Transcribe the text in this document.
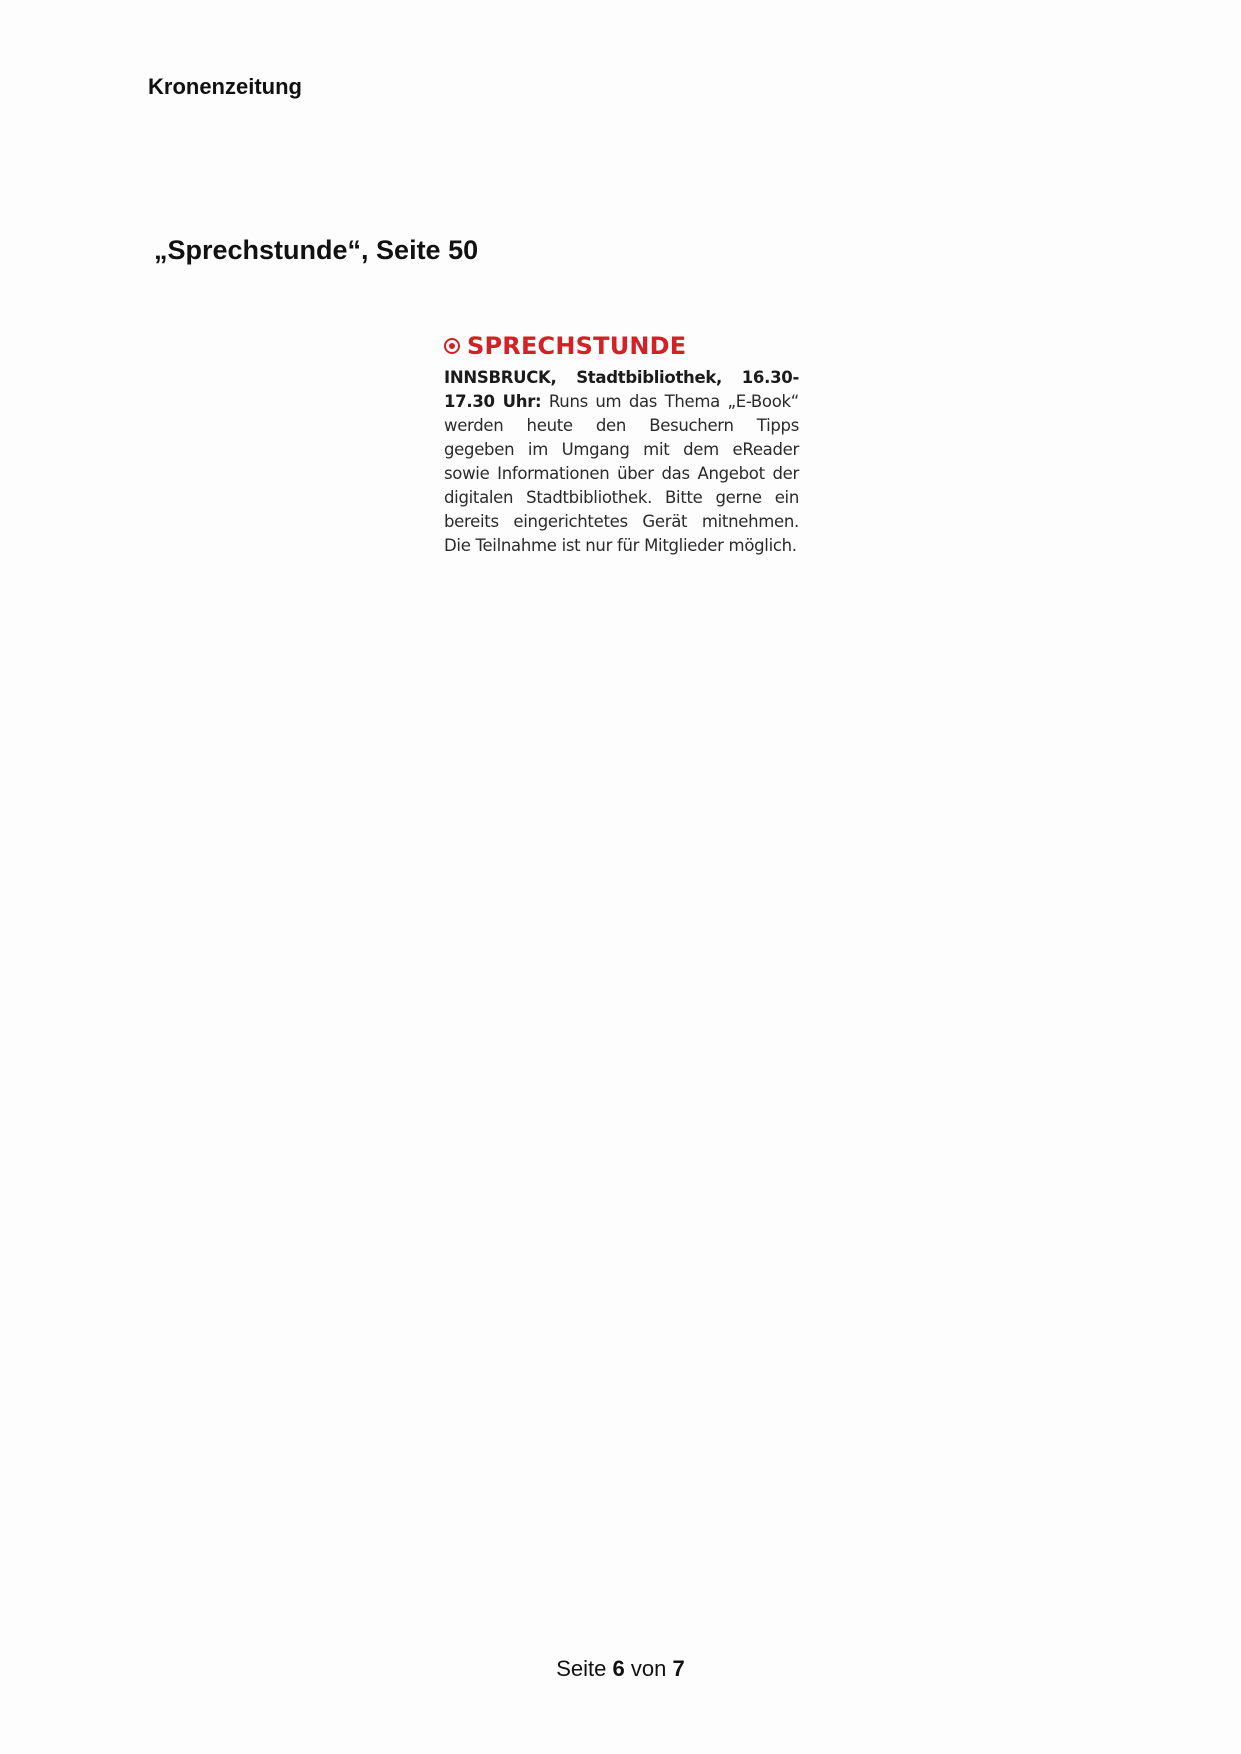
Kronenzeitung

„Sprechstunde“, Seite 50

SPRECHSTUNDE

INNSBRUCK, Stadtbibliothek, 16.30-17.30 Uhr: Runs um das Thema „E-Book“ werden heute den Besuchern Tipps gegeben im Umgang mit dem eReader sowie Informationen über das Angebot der digitalen Stadtbibliothek. Bitte gerne ein bereits eingerichtetes Gerät mitnehmen. Die Teilnahme ist nur für Mitglieder möglich.

Seite 6 von 7
